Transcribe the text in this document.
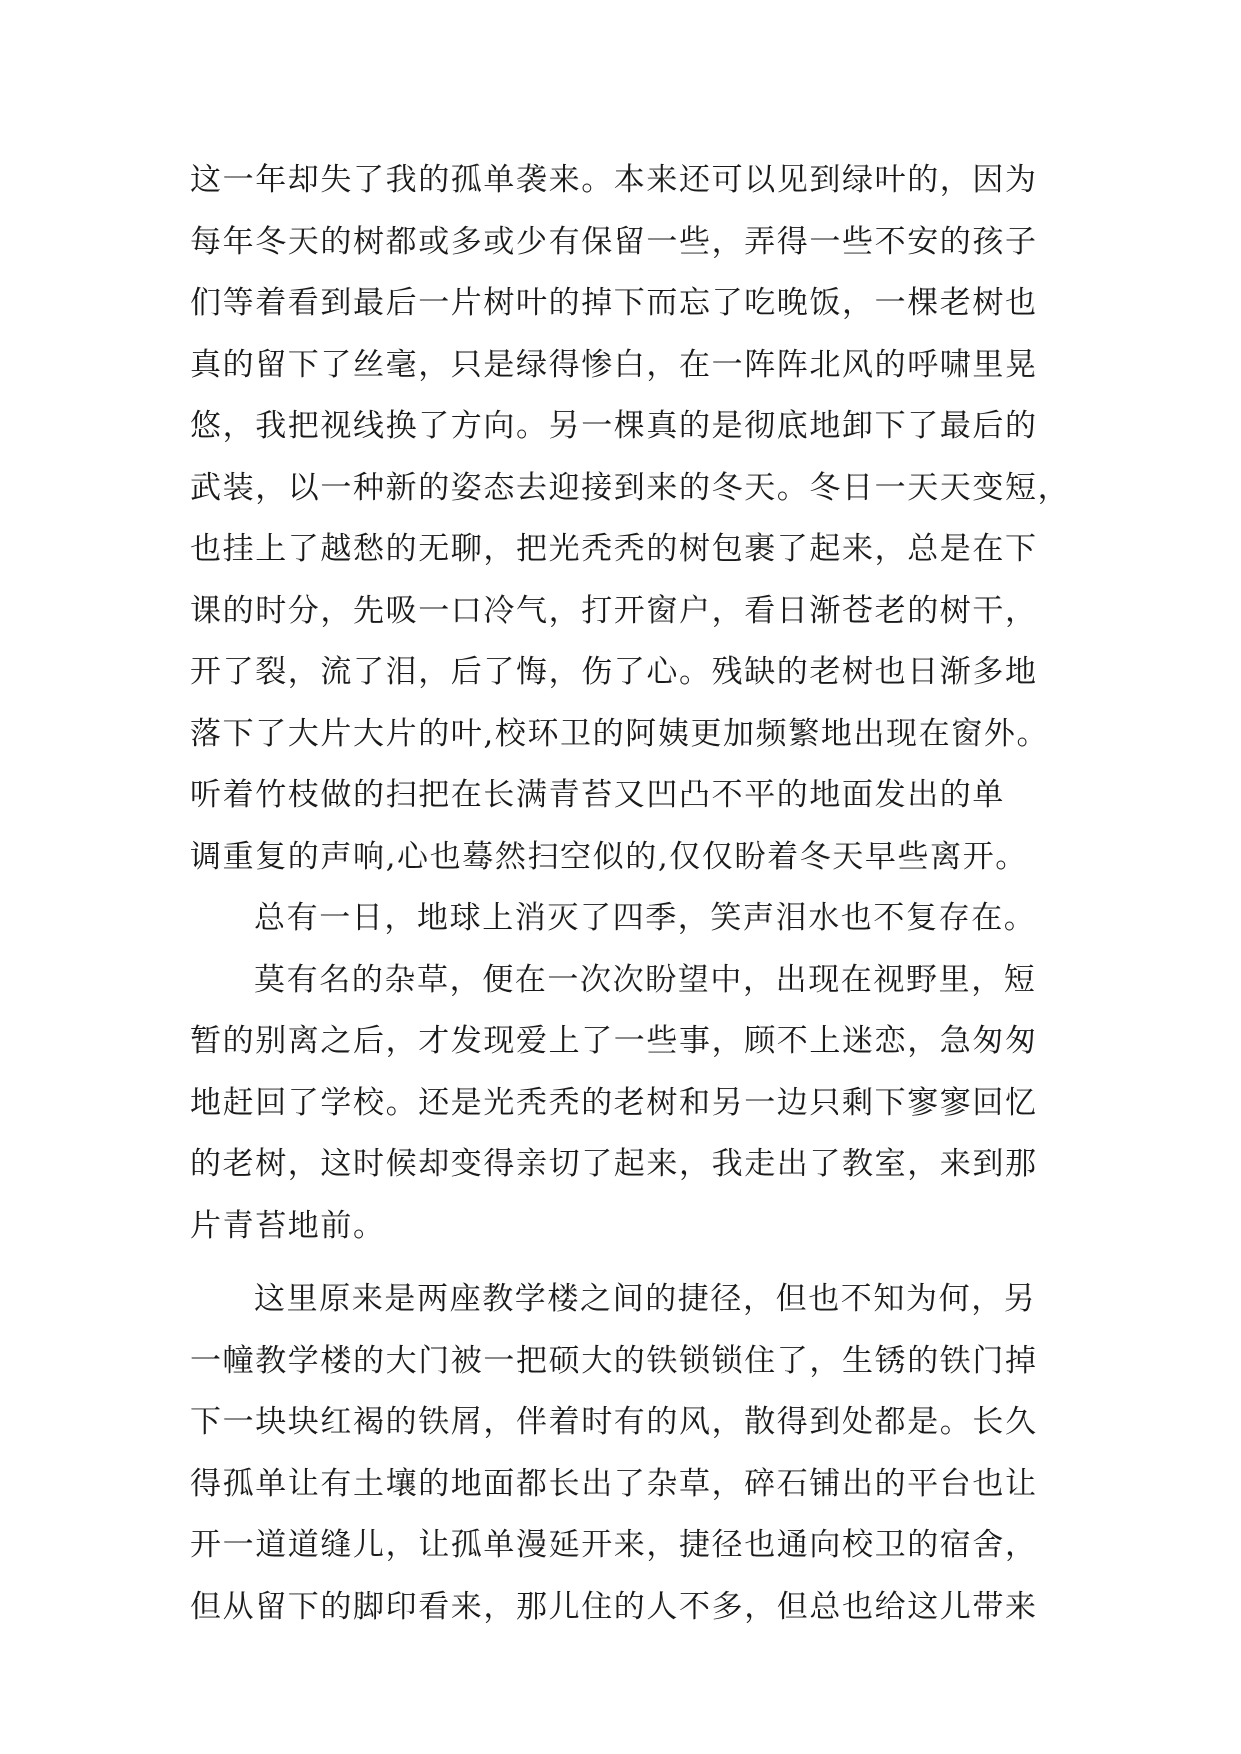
这一年却失了我的孤单袭来。本来还可以见到绿叶的，因为
每年冬天的树都或多或少有保留一些，弄得一些不安的孩子
们等着看到最后一片树叶的掉下而忘了吃晚饭，一棵老树也
真的留下了丝毫，只是绿得惨白，在一阵阵北风的呼啸里晃
悠，我把视线换了方向。另一棵真的是彻底地卸下了最后的
武装，以一种新的姿态去迎接到来的冬天。冬日一天天变短，
也挂上了越愁的无聊，把光秃秃的树包裹了起来，总是在下
课的时分，先吸一口冷气，打开窗户，看日渐苍老的树干，
开了裂，流了泪，后了悔，伤了心。残缺的老树也日渐多地
落下了大片大片的叶,校环卫的阿姨更加频繁地出现在窗外。
听着竹枝做的扫把在长满青苔又凹凸不平的地面发出的单
调重复的声响,心也蓦然扫空似的,仅仅盼着冬天早些离开。
总有一日，地球上消灭了四季，笑声泪水也不复存在。
莫有名的杂草，便在一次次盼望中，出现在视野里，短
暂的别离之后，才发现爱上了一些事，顾不上迷恋，急匆匆
地赶回了学校。还是光秃秃的老树和另一边只剩下寥寥回忆
的老树，这时候却变得亲切了起来，我走出了教室，来到那
片青苔地前。
这里原来是两座教学楼之间的捷径，但也不知为何，另
一幢教学楼的大门被一把硕大的铁锁锁住了，生锈的铁门掉
下一块块红褐的铁屑，伴着时有的风，散得到处都是。长久
得孤单让有土壤的地面都长出了杂草，碎石铺出的平台也让
开一道道缝儿，让孤单漫延开来，捷径也通向校卫的宿舍，
但从留下的脚印看来，那儿住的人不多，但总也给这儿带来
